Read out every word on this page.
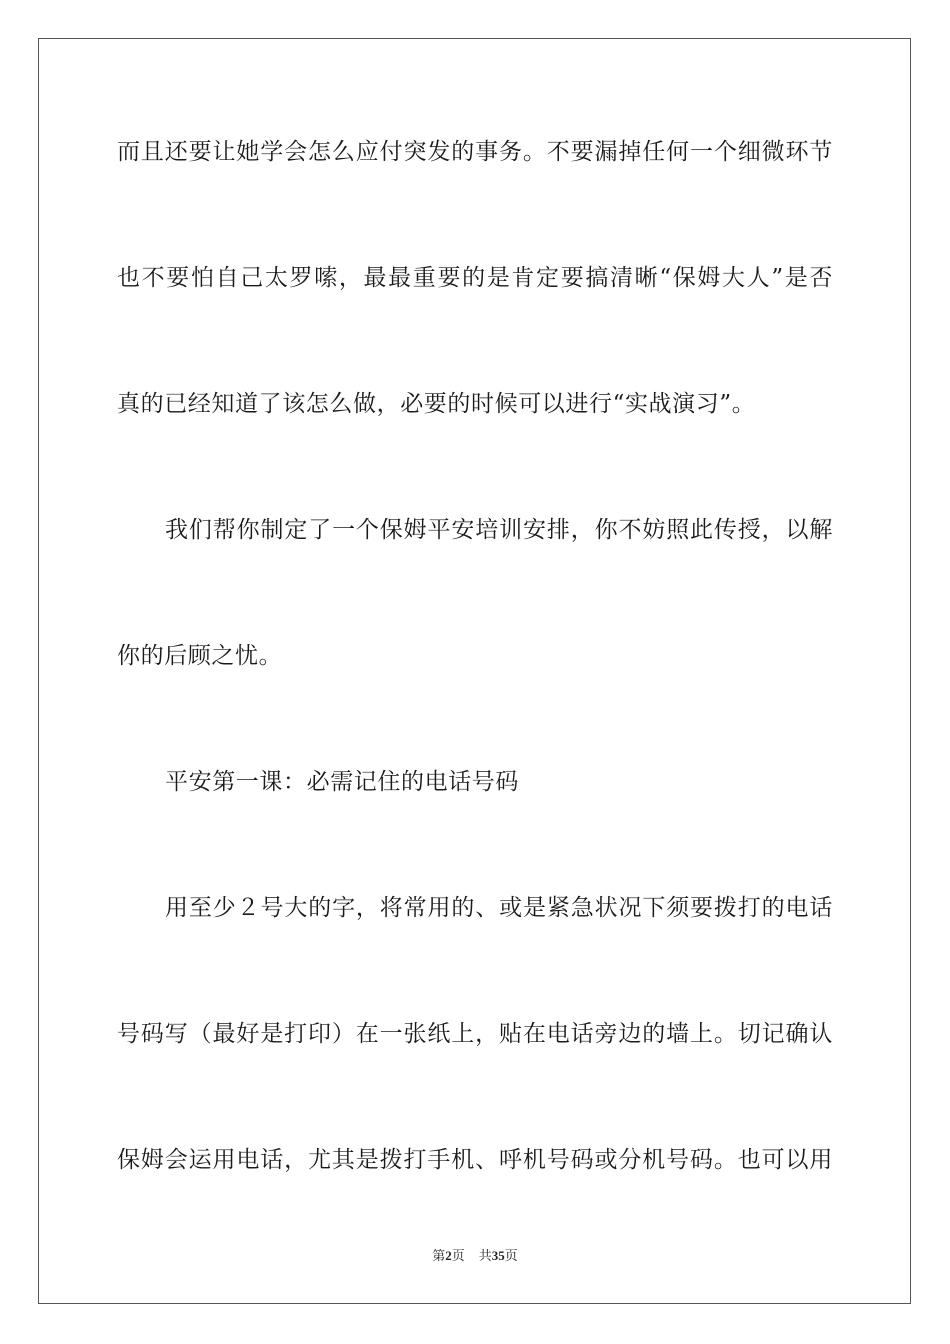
而且还要让她学会怎么应付突发的事务。不要漏掉任何一个细微环节
也不要怕自己太罗嗦，最最重要的是肯定要搞清晰“保姆大人”是否
真的已经知道了该怎么做，必要的时候可以进行“实战演习”。
我们帮你制定了一个保姆平安培训安排，你不妨照此传授，以解
你的后顾之忧。
平安第一课：必需记住的电话号码
用至少２号大的字，将常用的、或是紧急状况下须要拨打的电话
号码写（最好是打印）在一张纸上，贴在电话旁边的墙上。切记确认
保姆会运用电话，尤其是拨打手机、呼机号码或分机号码。也可以用
第2页 共35页
